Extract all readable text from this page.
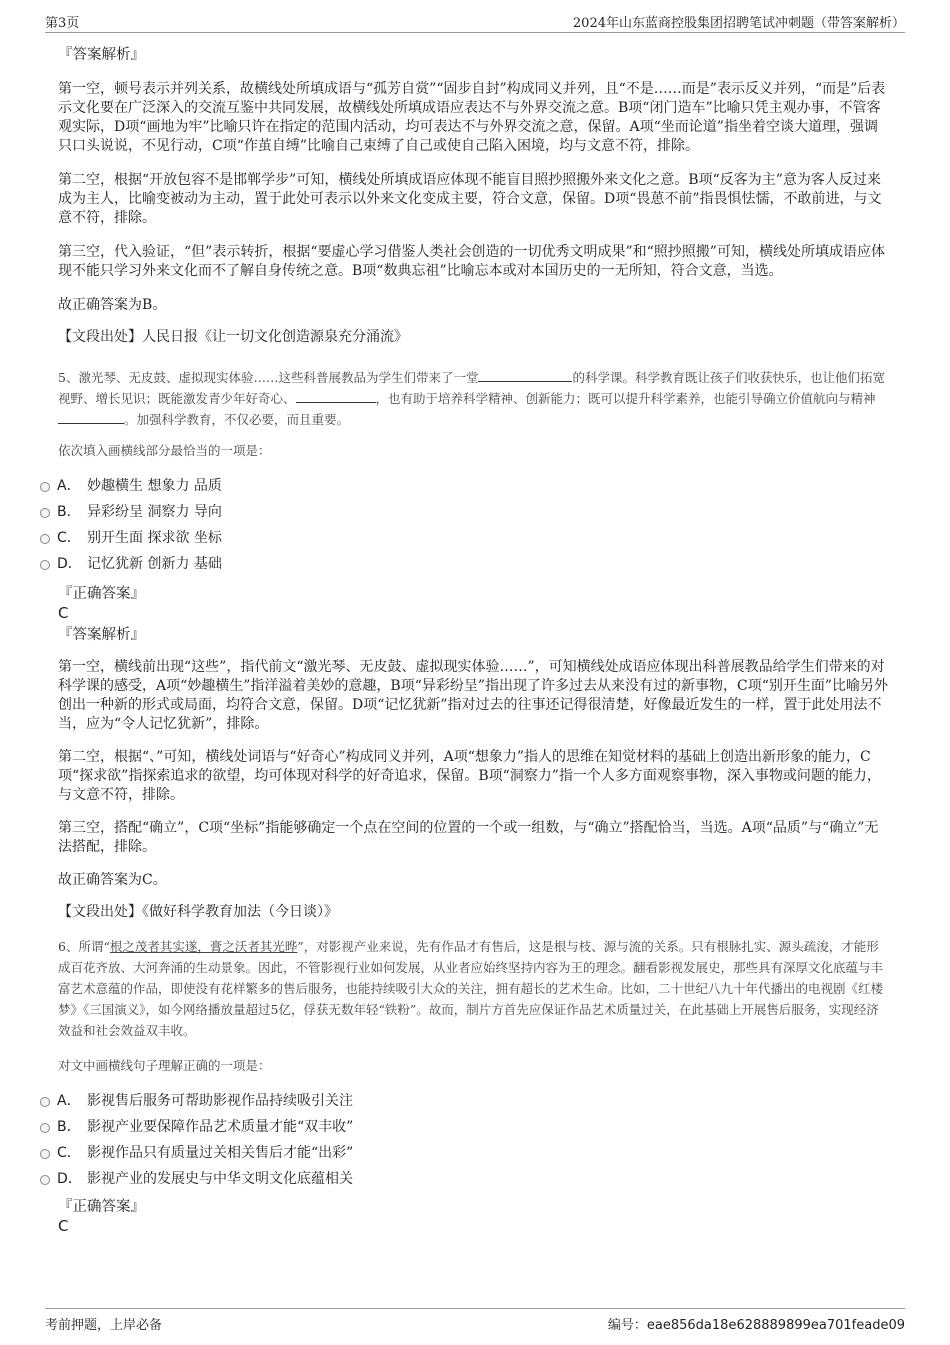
第3页	2024年山东蓝商控股集团招聘笔试冲刺题（带答案解析）
『答案解析』

第一空，顿号表示并列关系，故横线处所填成语与“孤芳自赏”“固步自封”构成同义并列，且“不是……而是”表示反义并列，“而是”后表示文化要在广泛深入的交流互鉴中共同发展，故横线处所填成语应表达不与外界交流之意。B项“闭门造车”比喻只凭主观办事，不管客观实际，D项“画地为牢”比喻只许在指定的范围内活动，均可表达不与外界交流之意，保留。A项“坐而论道”指坐着空谈大道理，强调只口头说说，不见行动，C项“作茧自缚”比喻自己束缚了自己或使自己陷入困境，均与文意不符，排除。

第二空，根据“开放包容不是邯郸学步”可知，横线处所填成语应体现不能盲目照抄照搬外来文化之意。B项“反客为主”意为客人反过来成为主人，比喻变被动为主动，置于此处可表示以外来文化变成主要，符合文意，保留。D项“畏葸不前”指畏惧怯懦，不敢前进，与文意不符，排除。

第三空，代入验证，“但”表示转折，根据“要虚心学习借鉴人类社会创造的一切优秀文明成果”和“照抄照搬”可知，横线处所填成语应体现不能只学习外来文化而不了解自身传统之意。B项“数典忘祖”比喻忘本或对本国历史的一无所知，符合文意，当选。

故正确答案为B。

【文段出处】人民日报《让一切文化创造源泉充分涌流》

5、激光琴、无皮鼓、虚拟现实体验……这些科普展教品为学生们带来了一堂	的科学课。科学教育既让孩子们收获快乐，也让他们拓宽视野、增长见识；既能激发青少年好奇心、	，也有助于培养科学精神、创新能力；既可以提升科学素养，也能引导确立价值航向与精神。加强科学教育，不仅必要，而且重要。

依次填入画横线部分最恰当的一项是：

A． 妙趣横生 想象力 品质
B． 异彩纷呈 洞察力 导向
C． 别开生面 探求欲 坐标
D． 记忆犹新 创新力 基础
『正确答案』
C
『答案解析』

第一空，横线前出现“这些”，指代前文“激光琴、无皮鼓、虚拟现实体验……”，可知横线处成语应体现出科普展教品给学生们带来的对科学课的感受，A项“妙趣横生”指洋溢着美妙的意趣，B项“异彩纷呈”指出现了许多过去从来没有过的新事物，C项“别开生面”比喻另外创出一种新的形式或局面，均符合文意，保留。D项“记忆犹新”指对过去的往事还记得很清楚，好像最近发生的一样，置于此处用法不当，应为“令人记忆犹新”，排除。

第二空，根据“、”可知，横线处词语与“好奇心”构成同义并列，A项“想象力”指人的思维在知觉材料的基础上创造出新形象的能力，C项“探求欲”指探索追求的欲望，均可体现对科学的好奇追求，保留。B项“洞察力”指一个人多方面观察事物，深入事物或问题的能力，与文意不符，排除。

第三空，搭配“确立”，C项“坐标”指能够确定一个点在空间的位置的一个或一组数，与“确立”搭配恰当，当选。A项“品质”与“确立”无法搭配，排除。

故正确答案为C。

【文段出处】《做好科学教育加法（今日谈）》

6、所谓“根之茂者其实遂，膏之沃者其光晔”，对影视产业来说，先有作品才有售后，这是根与枝、源与流的关系。只有根脉扎实、源头疏浚，才能形成百花齐放、大河奔涌的生动景象。因此，不管影视行业如何发展，从业者应始终坚持内容为王的理念。翻看影视发展史，那些具有深厚文化底蕴与丰富艺术意蕴的作品，即使没有花样繁多的售后服务，也能持续吸引大众的关注，拥有超长的艺术生命。比如，二十世纪八九十年代播出的电视剧《红楼梦》《三国演义》，如今网络播放量超过5亿，俘获无数年轻“铁粉”。故而，制片方首先应保证作品艺术质量过关，在此基础上开展售后服务，实现经济效益和社会效益双丰收。

对文中画横线句子理解正确的一项是：

A． 影视售后服务可帮助影视作品持续吸引关注
B． 影视产业要保障作品艺术质量才能“双丰收”
C． 影视作品只有质量过关相关售后才能“出彩”
D． 影视产业的发展史与中华文明文化底蕴相关
『正确答案』
C
考前押题，上岸必备	编号：eae856da18e628889899ea701feade09
